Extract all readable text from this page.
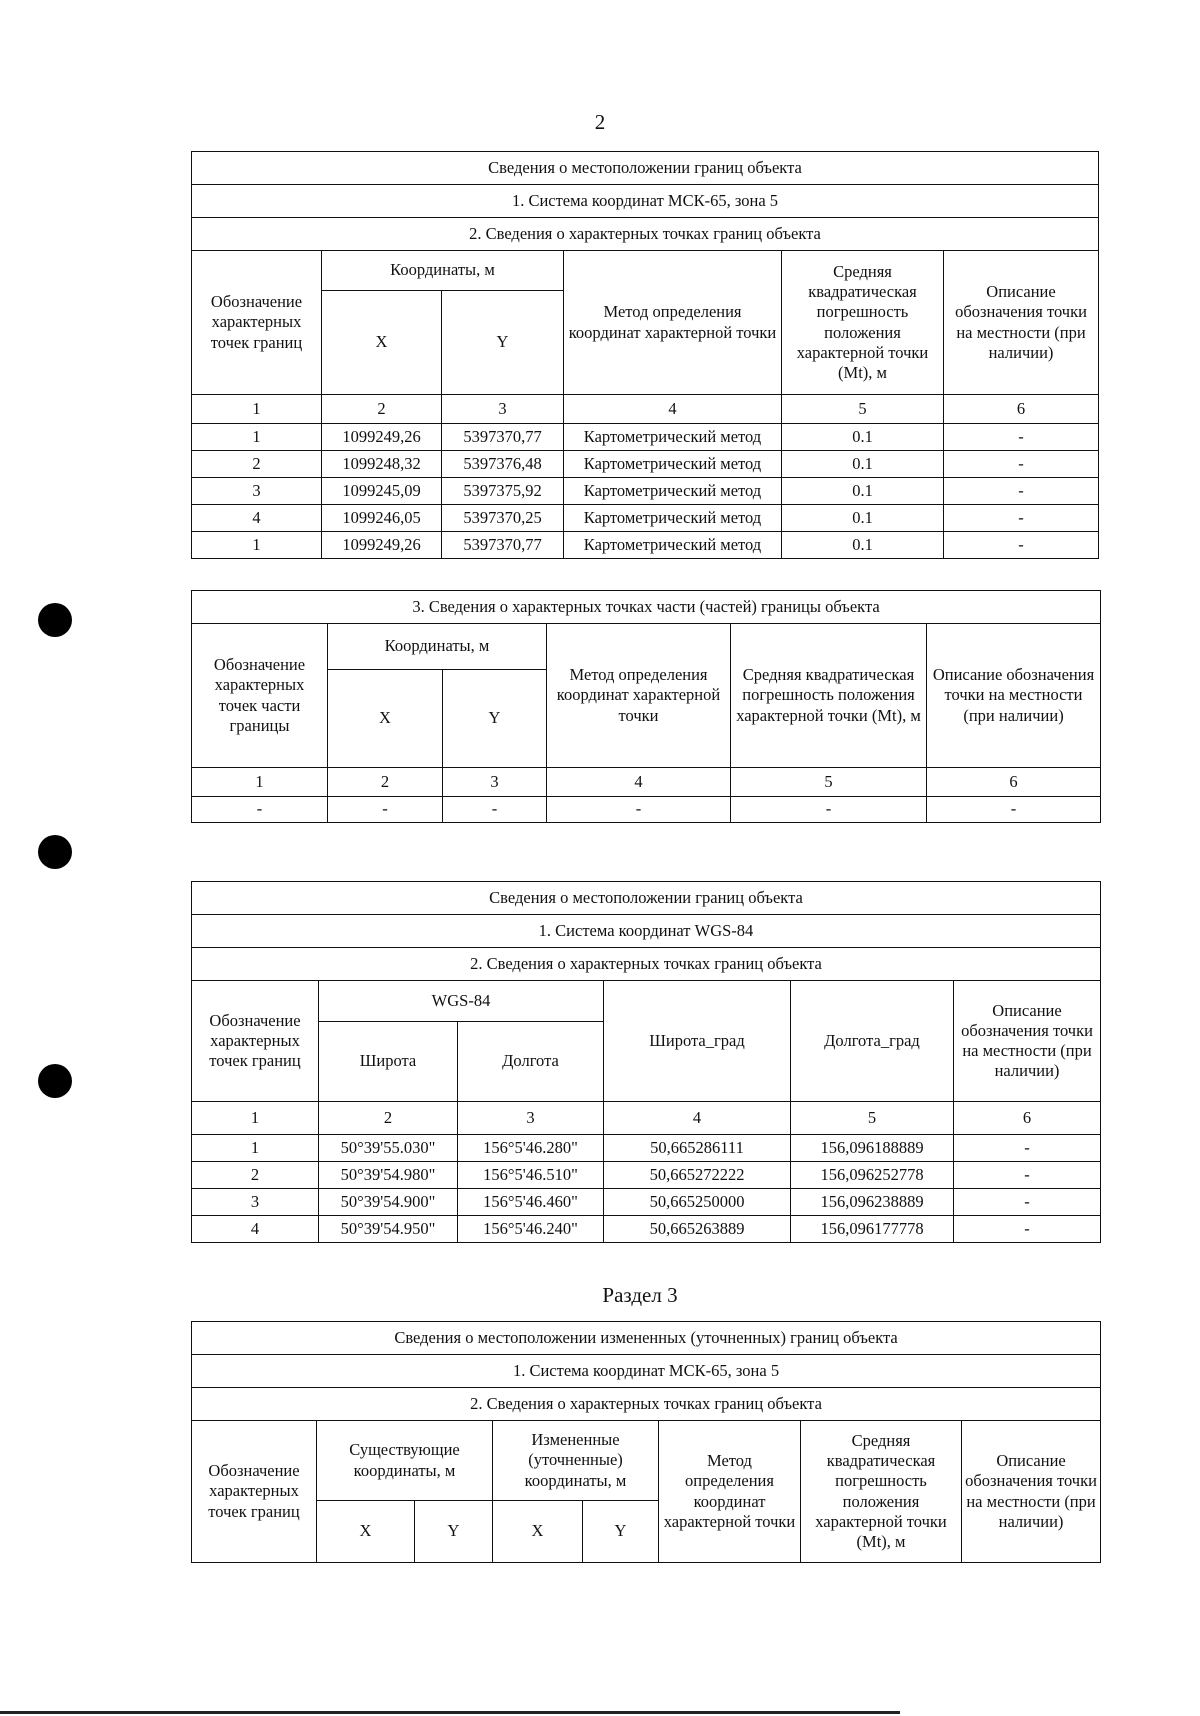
2
Сведения о местоположении границ объекта					
1. Система координат МСК-65, зона 5					
2. Сведения о характерных точках границ объекта					
Обозначение характерных точек границ	Координаты, м		Метод определения координат характерной точки	Средняя квадратическая погрешность положения характерной точки (Mt), м	Описание обозначения точки на местности (при наличии)
	X	Y			
1	2	3	4	5	6
1	1099249,26	5397370,77	Картометрический метод	0.1	-
2	1099248,32	5397376,48	Картометрический метод	0.1	-
3	1099245,09	5397375,92	Картометрический метод	0.1	-
4	1099246,05	5397370,25	Картометрический метод	0.1	-
1	1099249,26	5397370,77	Картометрический метод	0.1	-
3. Сведения о характерных точках части (частей) границы объекта					
Обозначение характерных точек части границы	Координаты, м		Метод определения координат характерной точки	Средняя квадратическая погрешность положения характерной точки (Mt), м	Описание обозначения точки на местности (при наличии)
	X	Y			
1	2	3	4	5	6
-	-	-	-	-	-
Сведения о местоположении границ объекта					
1. Система координат WGS-84					
2. Сведения о характерных точках границ объекта					
Обозначение характерных точек границ	WGS-84		Широта_град	Долгота_град	Описание обозначения точки на местности (при наличии)
	Широта	Долгота			
1	2	3	4	5	6
1	50°39'55.030"	156°5'46.280"	50,665286111	156,096188889	-
2	50°39'54.980"	156°5'46.510"	50,665272222	156,096252778	-
3	50°39'54.900"	156°5'46.460"	50,665250000	156,096238889	-
4	50°39'54.950"	156°5'46.240"	50,665263889	156,096177778	-
Раздел 3
Сведения о местоположении измененных (уточненных) границ объекта							
1. Система координат МСК-65, зона 5							
2. Сведения о характерных точках границ объекта							
Обозначение характерных точек границ	Существующие координаты, м		Измененные (уточненные) координаты, м		Метод определения координат характерной точки	Средняя квадратическая погрешность положения характерной точки (Mt), м	Описание обозначения точки на местности (при наличии)
	X	Y	X	Y			
